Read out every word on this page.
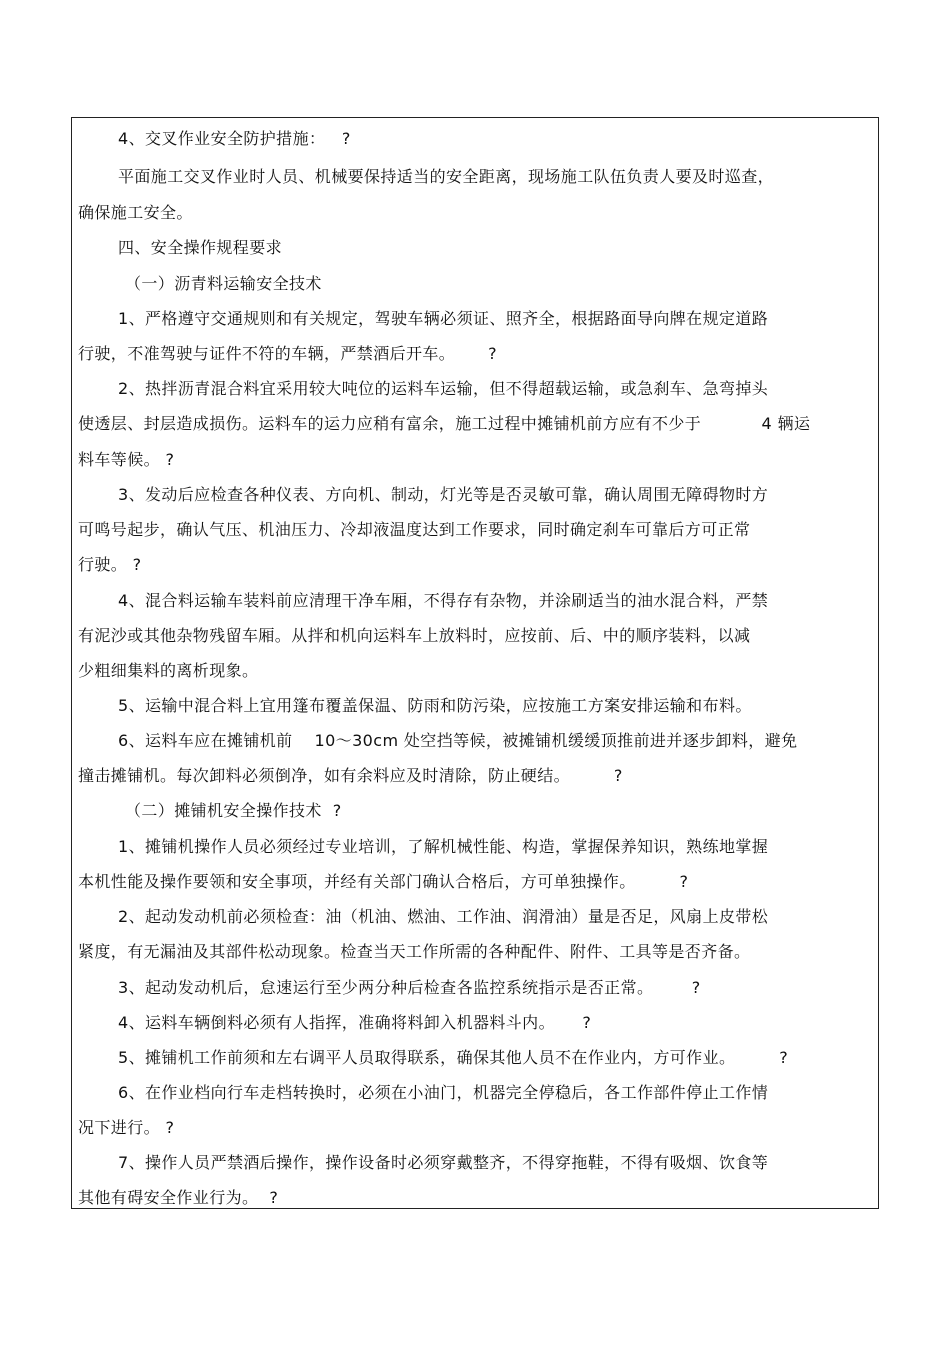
4、交叉作业安全防护措施：   ?
平面施工交叉作业时人员、机械要保持适当的安全距离，现场施工队伍负责人要及时巡查，
确保施工安全。
四、安全操作规程要求
（一）沥青料运输安全技术
1、严格遵守交通规则和有关规定，驾驶车辆必须证、照齐全，根据路面导向牌在规定道路
行驶，不准驾驶与证件不符的车辆，严禁酒后开车。      ?
2、热拌沥青混合料宜采用较大吨位的运料车运输，但不得超载运输，或急刹车、急弯掉头
使透层、封层造成损伤。运料车的运力应稍有富余，施工过程中摊铺机前方应有不少于           4 辆运
料车等候。 ?
3、发动后应检查各种仪表、方向机、制动，灯光等是否灵敏可靠，确认周围无障碍物时方
可鸣号起步，确认气压、机油压力、冷却液温度达到工作要求，同时确定刹车可靠后方可正常
行驶。 ?
4、混合料运输车装料前应清理干净车厢，不得存有杂物，并涂刷适当的油水混合料，严禁
有泥沙或其他杂物残留车厢。从拌和机向运料车上放料时，应按前、后、中的顺序装料，以减
少粗细集料的离析现象。
5、运输中混合料上宜用篷布覆盖保温、防雨和防污染，应按施工方案安排运输和布料。
6、运料车应在摊铺机前    10～30cm 处空挡等候，被摊铺机缓缓顶推前进并逐步卸料，避免
撞击摊铺机。每次卸料必须倒净，如有余料应及时清除，防止硬结。        ?
（二）摊铺机安全操作技术  ?
1、摊铺机操作人员必须经过专业培训，了解机械性能、构造，掌握保养知识，熟练地掌握
本机性能及操作要领和安全事项，并经有关部门确认合格后，方可单独操作。        ?
2、起动发动机前必须检查：油（机油、燃油、工作油、润滑油）量是否足，风扇上皮带松
紧度，有无漏油及其部件松动现象。检查当天工作所需的各种配件、附件、工具等是否齐备。
3、起动发动机后，怠速运行至少两分种后检查各监控系统指示是否正常。       ?
4、运料车辆倒料必须有人指挥，准确将料卸入机器料斗内。     ?
5、摊铺机工作前须和左右调平人员取得联系，确保其他人员不在作业内，方可作业。        ?
6、在作业档向行车走档转换时，必须在小油门，机器完全停稳后，各工作部件停止工作情
况下进行。 ?
7、操作人员严禁酒后操作，操作设备时必须穿戴整齐，不得穿拖鞋，不得有吸烟、饮食等
其他有碍安全作业行为。  ?
